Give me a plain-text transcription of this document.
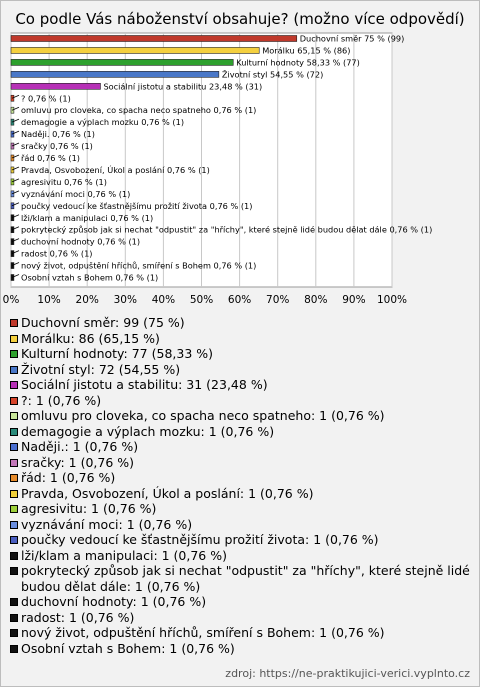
Co podle Vás náboženství obsahuje? (možno více odpovědí)
Duchovní směr 75 % (99)
Morálku 65,15 % (86)
Kulturní hodnoty 58,33 % (77)
Životní styl 54,55 % (72)
Sociální jistotu a stabilitu 23,48 % (31)
? 0,76 % (1)
omluvu pro cloveka, co spacha neco spatneho 0,76 % (1)
demagogie a výplach mozku 0,76 % (1)
Naději. 0,76 % (1)
sračky 0,76 % (1)
řád 0,76 % (1)
Pravda, Osvobození, Úkol a poslání 0,76 % (1)
agresivitu 0,76 % (1)
vyznávání moci 0,76 % (1)
poučky vedoucí ke šťastnějšímu prožití života 0,76 % (1)
lži/klam a manipulaci 0,76 % (1)
pokrytecký způsob jak si nechat "odpustit" za "hříchy", které stejně lidé budou dělat dále 0,76 % (1)
duchovní hodnoty 0,76 % (1)
radost 0,76 % (1)
nový život, odpuštění hříchů, smíření s Bohem 0,76 % (1)
Osobní vztah s Bohem 0,76 % (1)
0% 10% 20% 30% 40% 50% 60% 70% 80% 90% 100%
Duchovní směr: 99 (75 %)
Morálku: 86 (65,15 %)
Kulturní hodnoty: 77 (58,33 %)
Životní styl: 72 (54,55 %)
Sociální jistotu a stabilitu: 31 (23,48 %)
?: 1 (0,76 %)
omluvu pro cloveka, co spacha neco spatneho: 1 (0,76 %)
demagogie a výplach mozku: 1 (0,76 %)
Naději.: 1 (0,76 %)
sračky: 1 (0,76 %)
řád: 1 (0,76 %)
Pravda, Osvobození, Úkol a poslání: 1 (0,76 %)
agresivitu: 1 (0,76 %)
vyznávání moci: 1 (0,76 %)
poučky vedoucí ke šťastnějšímu prožití života: 1 (0,76 %)
lži/klam a manipulaci: 1 (0,76 %)
pokrytecký způsob jak si nechat "odpustit" za "hříchy", které stejně lidé budou dělat dále: 1 (0,76 %)
duchovní hodnoty: 1 (0,76 %)
radost: 1 (0,76 %)
nový život, odpuštění hříchů, smíření s Bohem: 1 (0,76 %)
Osobní vztah s Bohem: 1 (0,76 %)
zdroj: https://ne-praktikujici-verici.vyplnto.cz
